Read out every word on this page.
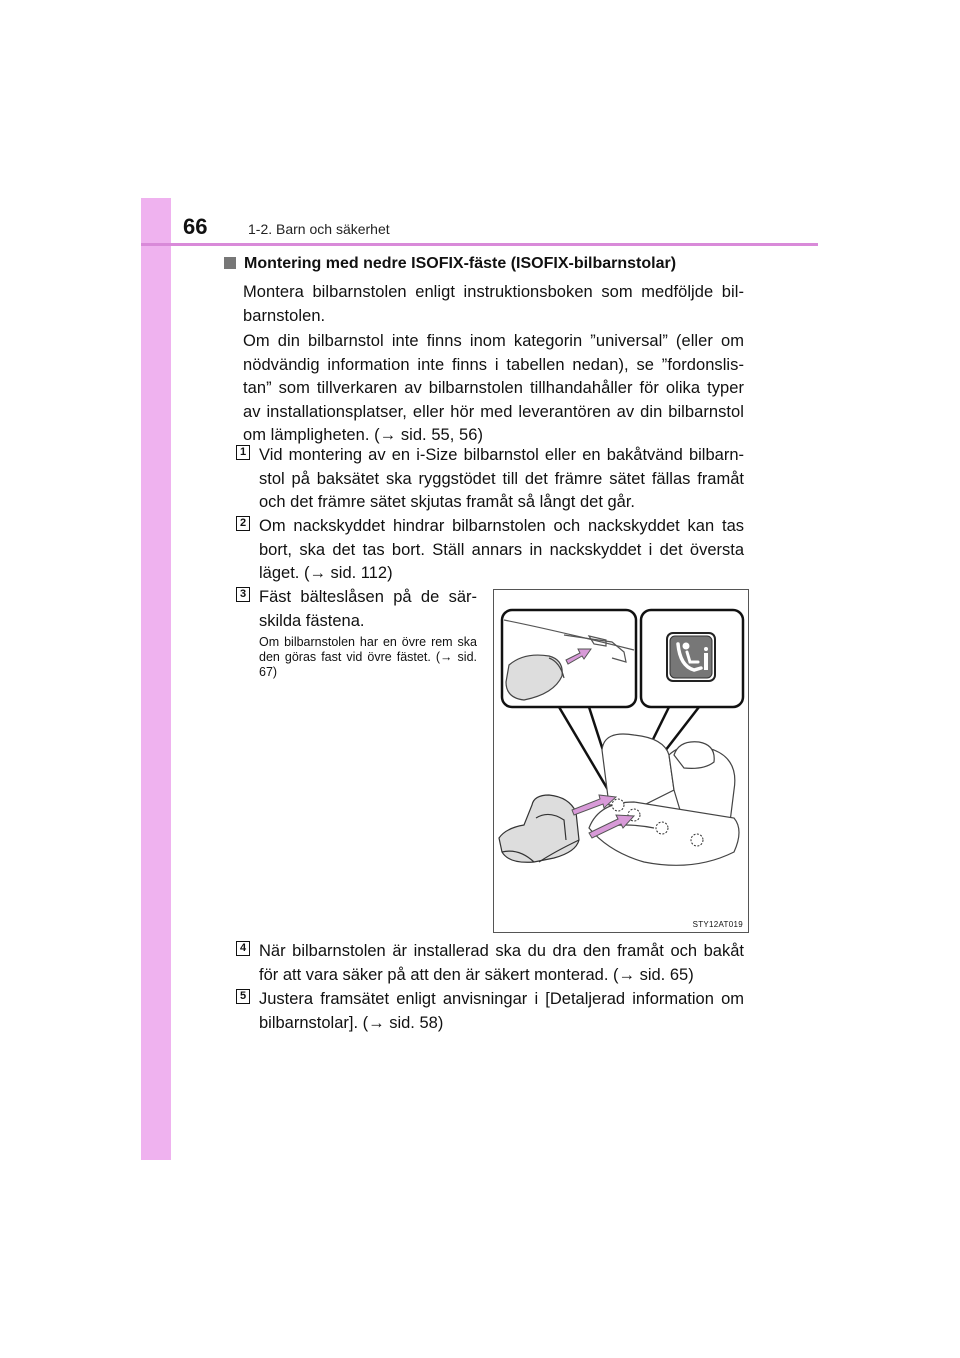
66	1-2. Barn och säkerhet
Montering med nedre ISOFIX-fäste (ISOFIX-bilbarnstolar)
Montera bilbarnstolen enligt instruktionsboken som medföljde bil-barnstolen.
Om din bilbarnstol inte finns inom kategorin ”universal” (eller om nödvändig information inte finns i tabellen nedan), se ”fordonslis-tan” som tillverkaren av bilbarnstolen tillhandahåller för olika typer av installationsplatser, eller hör med leverantören av din bilbarnstol om lämpligheten. (→ sid. 55, 56)
1 Vid montering av en i-Size bilbarnstol eller en bakåtvänd bilbarn-stol på baksätet ska ryggstödet till det främre sätet fällas framåt och det främre sätet skjutas framåt så långt det går.
2 Om nackskyddet hindrar bilbarnstolen och nackskyddet kan tas bort, ska det tas bort. Ställ annars in nackskyddet i det översta läget. (→ sid. 112)
3 Fäst bälteslåsen på de sär-skilda fästena.
Om bilbarnstolen har en övre rem ska den göras fast vid övre fästet. (→ sid. 67)
STY12AT019
4 När bilbarnstolen är installerad ska du dra den framåt och bakåt för att vara säker på att den är säkert monterad. (→ sid. 65)
5 Justera framsätet enligt anvisningar i [Detaljerad information om bilbarnstolar]. (→ sid. 58)
